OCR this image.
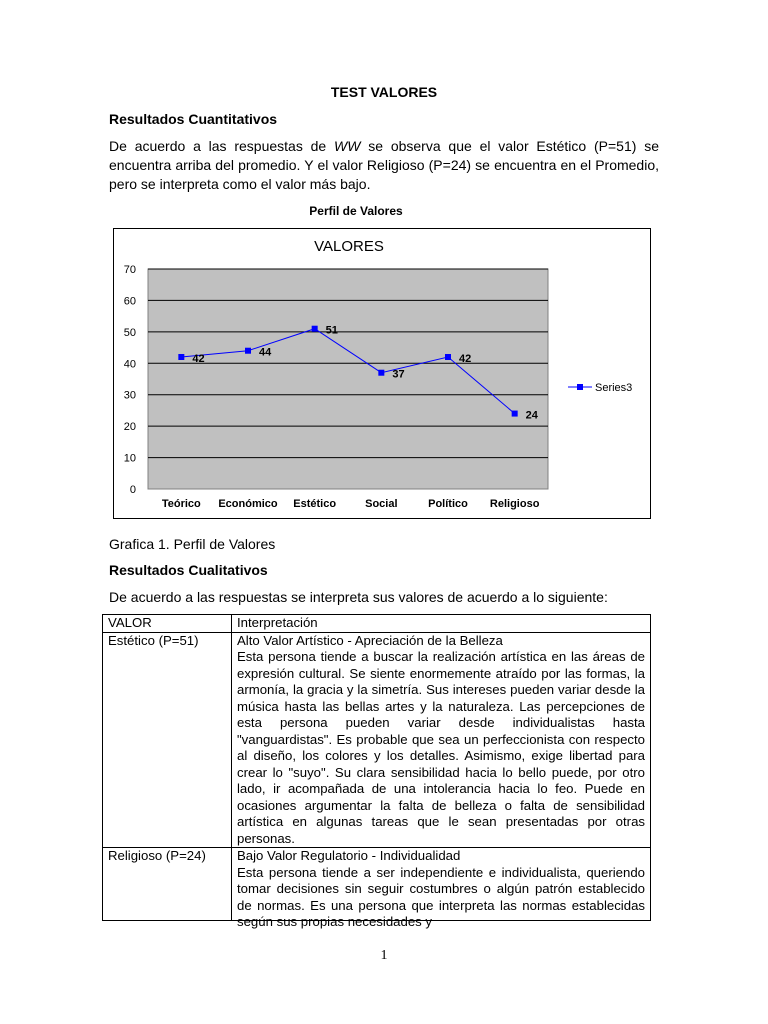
TEST VALORES
Resultados Cuantitativos
De acuerdo a las respuestas de WW se observa que el valor Estético (P=51) se encuentra arriba del promedio. Y el valor Religioso (P=24) se encuentra en el Promedio, pero se interpreta como el valor más bajo.
Perfil de Valores
VALORES
0
10
20
30
40
50
60
70
Teórico Económico Estético	Social	Político Religioso
42
44
51
37
42
24
Series3
Grafica 1. Perfil de Valores
Resultados Cualitativos
De acuerdo a las respuestas se interpreta sus valores de acuerdo a lo siguiente:
VALOR	Interpretación
Estético (P=51)	Alto Valor Artístico - Apreciación de la Belleza
Esta persona tiende a buscar la realización artística en las áreas de expresión cultural. Se siente enormemente atraído por las formas, la armonía, la gracia y la simetría. Sus intereses pueden variar desde la música hasta las bellas artes y la naturaleza. Las percepciones de esta persona pueden variar desde individualistas hasta "vanguardistas". Es probable que sea un perfeccionista con respecto al diseño, los colores y los detalles. Asimismo, exige libertad para crear lo "suyo". Su clara sensibilidad hacia lo bello puede, por otro lado, ir acompañada de una intolerancia hacia lo feo. Puede en ocasiones argumentar la falta de belleza o falta de sensibilidad artística en algunas tareas que le sean presentadas por otras personas.

Religioso (P=24)	Bajo Valor Regulatorio - Individualidad
Esta persona tiende a ser independiente e individualista, queriendo tomar decisiones sin seguir costumbres o algún patrón establecido de normas. Es una persona que interpreta las normas establecidas según sus propias necesidades y
1
